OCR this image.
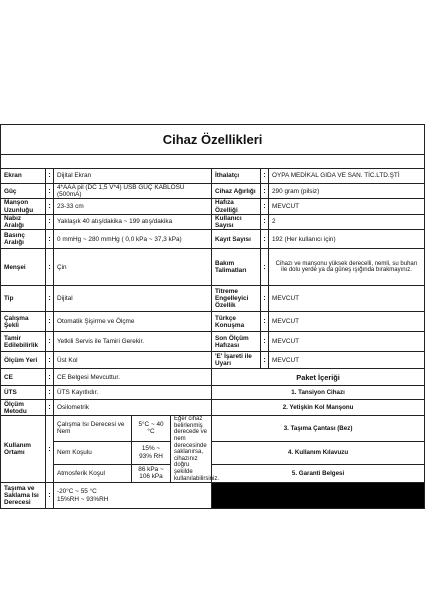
Cihaz Özellikleri							

Ekran	:	Dijital Ekran			İthalatçı	:	OYPA MEDİKAL GIDA VE SAN. TİC.LTD.ŞTİ
Güç	:	4*AAA pil (DC 1,5 V*4) USB GÜÇ KABLOSU (500mA)			Cihaz Ağırlığı	:	290 gram (pilsiz)
Manşon Uzunluğu	:	23-33 cm			Hafıza Özelliği	:	MEVCUT
Nabız Aralığı	:	Yaklaşık 40 atış/dakika ~ 199 atış/dakika			Kullanıcı Sayısı	:	2
Basınç Aralığı	:	0 mmHg ~ 280 mmHg ( 0,0 kPa ~ 37,3 kPa)			Kayıt Sayısı	:	192 (Her kullanıcı için)
Menşei	:	Çin			Bakım Talimatları	:	Cihazı ve manşonu yüksek derecelli, nemli, su buharı ile dolu yerde ya da güneş ışığında bırakmayınız.
Tip	:	Dijital			Titreme Engelleyici Özellik	:	MEVCUT
Çalışma Şekli	:	Otomatik Şişirme ve Ölçme			Türkçe Konuşma	:	MEVCUT
Tamir Edilebilirlik	:	Yetkili Servis ile Tamiri Gerekir.			Son Ölçüm Hafızası	:	MEVCUT
Ölçüm Yeri	:	Üst Kol			'E' İşareti ile Uyarı	:	MEVCUT
CE	:	CE Belgesi Mevcuttur.			Paket İçeriği		
ÜTS	:	ÜTS Kayıtlıdır.			1. Tansiyon Cihazı		
Ölçüm Metodu	:	Osilometrik			2. Yetişkin Kol Manşonu		
Kullanım Ortamı	:	Çalışma Isı Derecesi ve Nem	5°C ~ 40 °C	Eğer cihaz belirlenmiş derecede ve nem derecesinde saklanırsa, cihazınız doğru şekilde kullanılabilirsiniz.	3. Taşıma Çantası (Bez)		
		Nem Koşulu	15% ~ 93% RH		4. Kullanım Kılavuzu		
		Atmosferik Koşul	86 kPa ~ 106 kPa		5. Garanti Belgesi		
Taşıma ve Saklama Isı Derecesi	:	-20°C ~ 55 °C
15%RH ~ 93%RH					
